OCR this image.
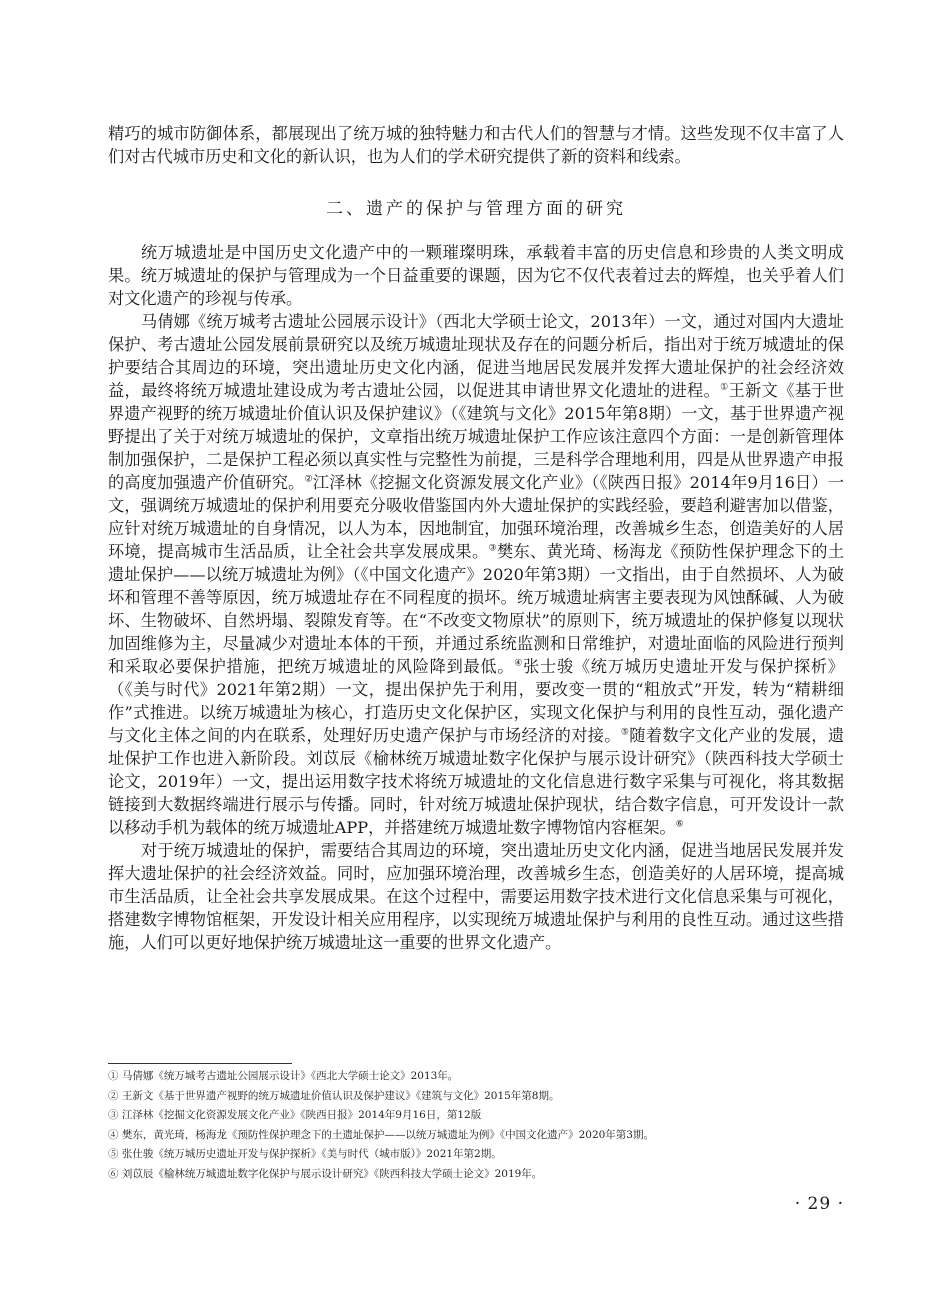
精巧的城市防御体系，都展现出了统万城的独特魅力和古代人们的智慧与才情。这些发现不仅丰富了人们对古代城市历史和文化的新认识，也为人们的学术研究提供了新的资料和线索。

二、遗产的保护与管理方面的研究

统万城遗址是中国历史文化遗产中的一颗璀璨明珠，承载着丰富的历史信息和珍贵的人类文明成果。统万城遗址的保护与管理成为一个日益重要的课题，因为它不仅代表着过去的辉煌，也关乎着人们对文化遗产的珍视与传承。

马倩娜《统万城考古遗址公园展示设计》（西北大学硕士论文，2013年）一文，通过对国内大遗址保护、考古遗址公园发展前景研究以及统万城遗址现状及存在的问题分析后，指出对于统万城遗址的保护要结合其周边的环境，突出遗址历史文化内涵，促进当地居民发展并发挥大遗址保护的社会经济效益，最终将统万城遗址建设成为考古遗址公园，以促进其申请世界文化遗址的进程。①王新文《基于世界遗产视野的统万城遗址价值认识及保护建议》（《建筑与文化》2015年第8期）一文，基于世界遗产视野提出了关于对统万城遗址的保护，文章指出统万城遗址保护工作应该注意四个方面：一是创新管理体制加强保护，二是保护工程必须以真实性与完整性为前提，三是科学合理地利用，四是从世界遗产申报的高度加强遗产价值研究。②江泽林《挖掘文化资源发展文化产业》（《陕西日报》2014年9月16日）一文，强调统万城遗址的保护利用要充分吸收借鉴国内外大遗址保护的实践经验，要趋利避害加以借鉴，应针对统万城遗址的自身情况，以人为本，因地制宜，加强环境治理，改善城乡生态，创造美好的人居环境，提高城市生活品质，让全社会共享发展成果。③樊东、黄光琦、杨海龙《预防性保护理念下的土遗址保护——以统万城遗址为例》（《中国文化遗产》2020年第3期）一文指出，由于自然损坏、人为破坏和管理不善等原因，统万城遗址存在不同程度的损坏。统万城遗址病害主要表现为风蚀酥碱、人为破坏、生物破坏、自然坍塌、裂隙发育等。在“不改变文物原状”的原则下，统万城遗址的保护修复以现状加固维修为主，尽量减少对遗址本体的干预，并通过系统监测和日常维护，对遗址面临的风险进行预判和采取必要保护措施，把统万城遗址的风险降到最低。④张士骏《统万城历史遗址开发与保护探析》（《美与时代》2021年第2期）一文，提出保护先于利用，要改变一贯的“粗放式”开发，转为“精耕细作”式推进。以统万城遗址为核心，打造历史文化保护区，实现文化保护与利用的良性互动，强化遗产与文化主体之间的内在联系，处理好历史遗产保护与市场经济的对接。⑤随着数字文化产业的发展，遗址保护工作也进入新阶段。刘苡辰《榆林统万城遗址数字化保护与展示设计研究》（陕西科技大学硕士论文，2019年）一文，提出运用数字技术将统万城遗址的文化信息进行数字采集与可视化，将其数据链接到大数据终端进行展示与传播。同时，针对统万城遗址保护现状，结合数字信息，可开发设计一款以移动手机为载体的统万城遗址APP，并搭建统万城遗址数字博物馆内容框架。⑥

对于统万城遗址的保护，需要结合其周边的环境，突出遗址历史文化内涵，促进当地居民发展并发挥大遗址保护的社会经济效益。同时，应加强环境治理，改善城乡生态，创造美好的人居环境，提高城市生活品质，让全社会共享发展成果。在这个过程中，需要运用数字技术进行文化信息采集与可视化，搭建数字博物馆框架，开发设计相关应用程序，以实现统万城遗址保护与利用的良性互动。通过这些措施，人们可以更好地保护统万城遗址这一重要的世界文化遗产。

① 马倩娜《统万城考古遗址公园展示设计》《西北大学硕士论文》2013年。

② 王新文《基于世界遗产视野的统万城遗址价值认识及保护建议》《建筑与文化》2015年第8期。

③ 江泽林《挖掘文化资源发展文化产业》《陕西日报》2014年9月16日，第12版

④ 樊东，黄光琦，杨海龙《预防性保护理念下的土遗址保护——以统万城遗址为例》《中国文化遗产》2020年第3期。

⑤ 张仕骏《统万城历史遗址开发与保护探析》《美与时代（城市版）》2021年第2期。

⑥ 刘苡辰《榆林统万城遗址数字化保护与展示设计研究》《陕西科技大学硕士论文》2019年。

· 29 ·
